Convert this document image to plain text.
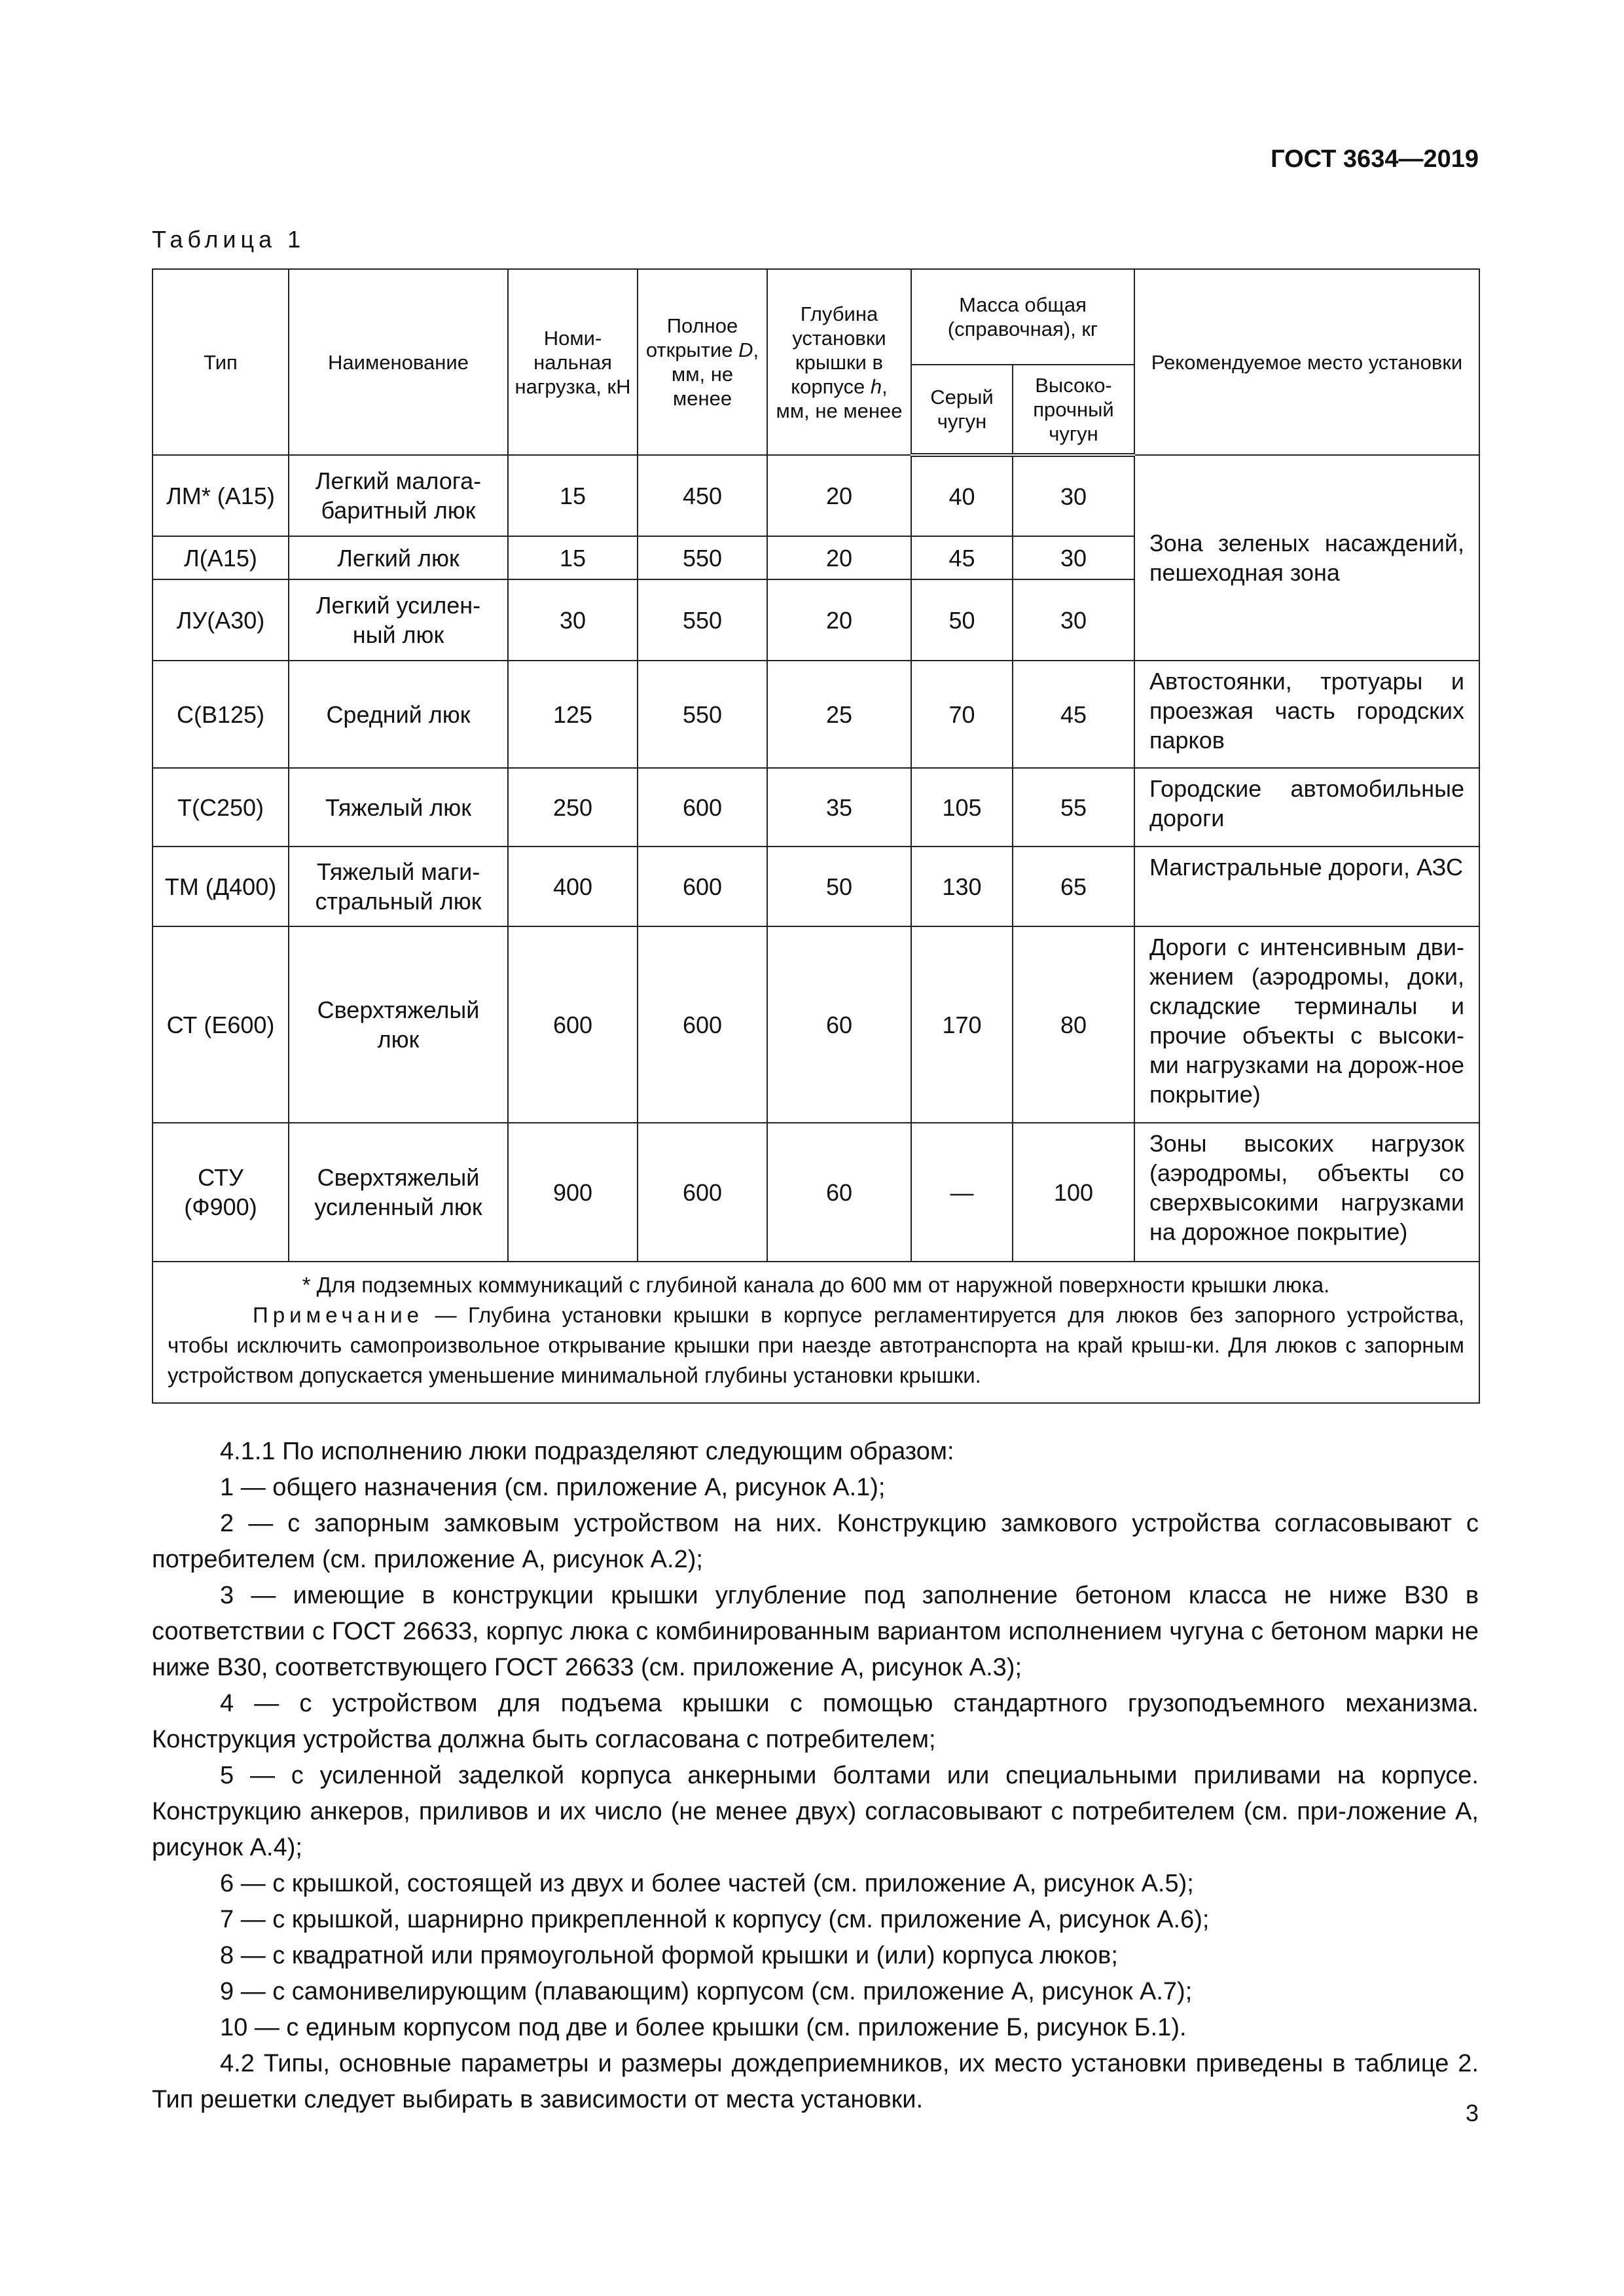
ГОСТ 3634—2019
Таблица 1
Тип	Наименование	Номи-нальная нагрузка, кН	Полное открытие D, мм, не менее	Глубина установки крышки в корпусе h, мм, не менее	Масса общая (справочная), кг		Рекомендуемое место установки
					Серый чугун	Высоко-прочный чугун	
ЛМ* (А15)	Легкий малога-баритный люк	15	450	20	40	30	Зона зеленых насаждений, пешеходная зона
Л(А15)	Легкий люк	15	550	20	45	30	
ЛУ(А30)	Легкий усилен-ный люк	30	550	20	50	30	
С(В125)	Средний люк	125	550	25	70	45	Автостоянки, тротуары и проезжая часть городских парков
Т(С250)	Тяжелый люк	250	600	35	105	55	Городские автомобильные дороги
ТМ (Д400)	Тяжелый маги-стральный люк	400	600	50	130	65	Магистральные дороги, АЗС
СТ (Е600)	Сверхтяжелый люк	600	600	60	170	80	Дороги с интенсивным дви-жением (аэродромы, доки, складские терминалы и прочие объекты с высоки-ми нагрузками на дорож-ное покрытие)
СТУ (Ф900)	Сверхтяжелый усиленный люк	900	600	60	—	100	Зоны высоких нагрузок (аэродромы, объекты со сверхвысокими нагрузками на дорожное покрытие)

* Для подземных коммуникаций с глубиной канала до 600 мм от наружной поверхности крышки люка.
Примечание — Глубина установки крышки в корпусе регламентируется для люков без запорного устройства, чтобы исключить самопроизвольное открывание крышки при наезде автотранспорта на край крыш-ки. Для люков с запорным устройством допускается уменьшение минимальной глубины установки крышки.							

4.1.1 По исполнению люки подразделяют следующим образом:

1 — общего назначения (см. приложение А, рисунок А.1);

2 — с запорным замковым устройством на них. Конструкцию замкового устройства согласовывают с потребителем (см. приложение А, рисунок А.2);

3 — имеющие в конструкции крышки углубление под заполнение бетоном класса не ниже В30 в соответствии с ГОСТ 26633, корпус люка с комбинированным вариантом исполнением чугуна с бетоном марки не ниже В30, соответствующего ГОСТ 26633 (см. приложение А, рисунок А.3);

4 — с устройством для подъема крышки с помощью стандартного грузоподъемного механизма. Конструкция устройства должна быть согласована с потребителем;

5 — с усиленной заделкой корпуса анкерными болтами или специальными приливами на корпусе. Конструкцию анкеров, приливов и их число (не менее двух) согласовывают с потребителем (см. при-ложение А, рисунок А.4);

6 — с крышкой, состоящей из двух и более частей (см. приложение А, рисунок А.5);

7 — с крышкой, шарнирно прикрепленной к корпусу (см. приложение А, рисунок А.6);

8 — с квадратной или прямоугольной формой крышки и (или) корпуса люков;

9 — с самонивелирующим (плавающим) корпусом (см. приложение А, рисунок А.7);

10 — с единым корпусом под две и более крышки (см. приложение Б, рисунок Б.1).

4.2 Типы, основные параметры и размеры дождеприемников, их место установки приведены в таблице 2. Тип решетки следует выбирать в зависимости от места установки.	3
